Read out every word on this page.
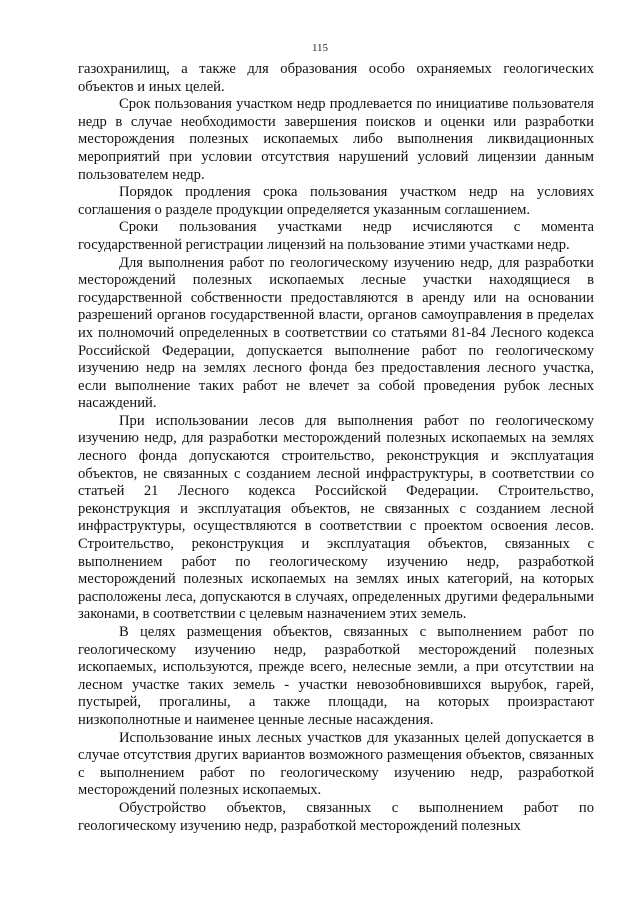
115

газохранилищ, а также для образования особо охраняемых геологических объектов и иных целей.

Срок пользования участком недр продлевается по инициативе пользователя недр в случае необходимости завершения поисков и оценки или разработки месторождения полезных ископаемых либо выполнения ликвидационных мероприятий при условии отсутствия нарушений условий лицензии данным пользователем недр.

Порядок продления срока пользования участком недр на условиях соглашения о разделе продукции определяется указанным соглашением.

Сроки пользования участками недр исчисляются с момента государственной регистрации лицензий на пользование этими участками недр.

Для выполнения работ по геологическому изучению недр, для разработки месторождений полезных ископаемых лесные участки находящиеся в государственной собственности предоставляются в аренду или на основании разрешений органов государственной власти, органов самоуправления в пределах их полномочий определенных в соответствии со статьями 81-84 Лесного кодекса Российской Федерации, допускается выполнение работ по геологическому изучению недр на землях лесного фонда без предоставления лесного участка, если выполнение таких работ не влечет за собой проведения рубок лесных насаждений.

При использовании лесов для выполнения работ по геологическому изучению недр, для разработки месторождений полезных ископаемых на землях лесного фонда допускаются строительство, реконструкция и эксплуатация объектов, не связанных с созданием лесной инфраструктуры, в соответствии со статьей 21 Лесного кодекса Российской Федерации. Строительство, реконструкция и эксплуатация объектов, не связанных с созданием лесной инфраструктуры, осуществляются в соответствии с проектом освоения лесов. Строительство, реконструкция и эксплуатация объектов, связанных с выполнением работ по геологическому изучению недр, разработкой месторождений полезных ископаемых на землях иных категорий, на которых расположены леса, допускаются в случаях, определенных другими федеральными законами, в соответствии с целевым назначением этих земель.

В целях размещения объектов, связанных с выполнением работ по геологическому изучению недр, разработкой месторождений полезных ископаемых, используются, прежде всего, нелесные земли, а при отсутствии на лесном участке таких земель - участки невозобновившихся вырубок, гарей, пустырей, прогалины, а также площади, на которых произрастают низкополнотные и наименее ценные лесные насаждения.

Использование иных лесных участков для указанных целей допускается в случае отсутствия других вариантов возможного размещения объектов, связанных с выполнением работ по геологическому изучению недр, разработкой месторождений полезных ископаемых.

Обустройство объектов, связанных с выполнением работ по геологическому изучению недр, разработкой месторождений полезных
